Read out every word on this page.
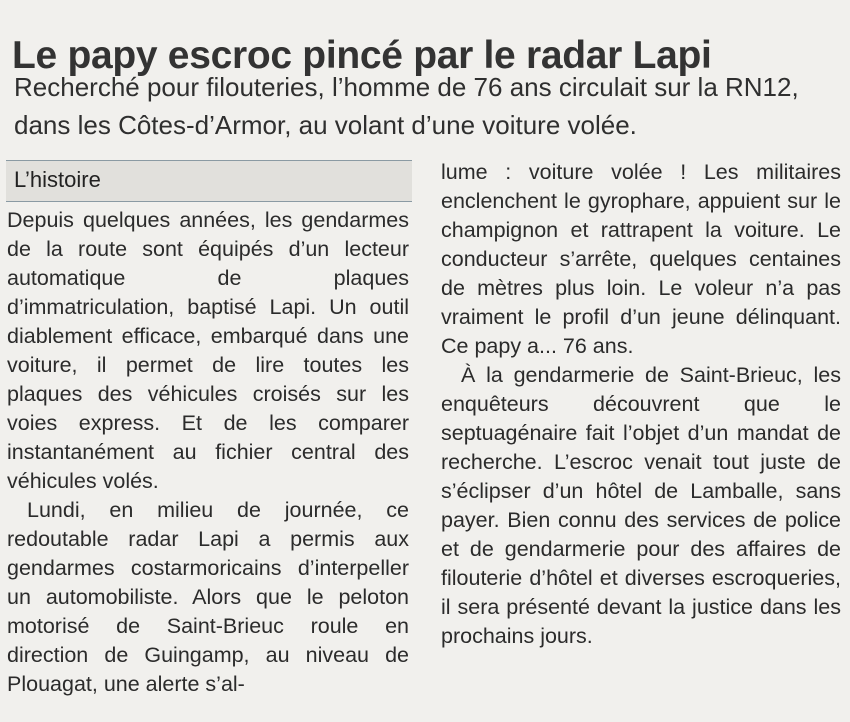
Le papy escroc pincé par le radar Lapi
Recherché pour filouteries, l’homme de 76 ans circulait sur la RN12, dans les Côtes-d’Armor, au volant d’une voiture volée.
L’histoire

Depuis quelques années, les gendarmes de la route sont équipés d’un lecteur automatique de plaques d’immatriculation, baptisé Lapi. Un outil diablement efficace, embarqué dans une voiture, il permet de lire toutes les plaques des véhicules croisés sur les voies express. Et de les comparer instantanément au fichier central des véhicules volés.

Lundi, en milieu de journée, ce redoutable radar Lapi a permis aux gendarmes costarmoricains d’interpeller un automobiliste. Alors que le peloton motorisé de Saint-Brieuc roule en direction de Guingamp, au niveau de Plouagat, une alerte s’al-

lume : voiture volée ! Les militaires enclenchent le gyrophare, appuient sur le champignon et rattrapent la voiture. Le conducteur s’arrête, quelques centaines de mètres plus loin. Le voleur n’a pas vraiment le profil d’un jeune délinquant. Ce papy a... 76 ans.

À la gendarmerie de Saint-Brieuc, les enquêteurs découvrent que le septuagénaire fait l’objet d’un mandat de recherche. L’escroc venait tout juste de s’éclipser d’un hôtel de Lamballe, sans payer. Bien connu des services de police et de gendarmerie pour des affaires de filouterie d’hôtel et diverses escroqueries, il sera présenté devant la justice dans les prochains jours.
